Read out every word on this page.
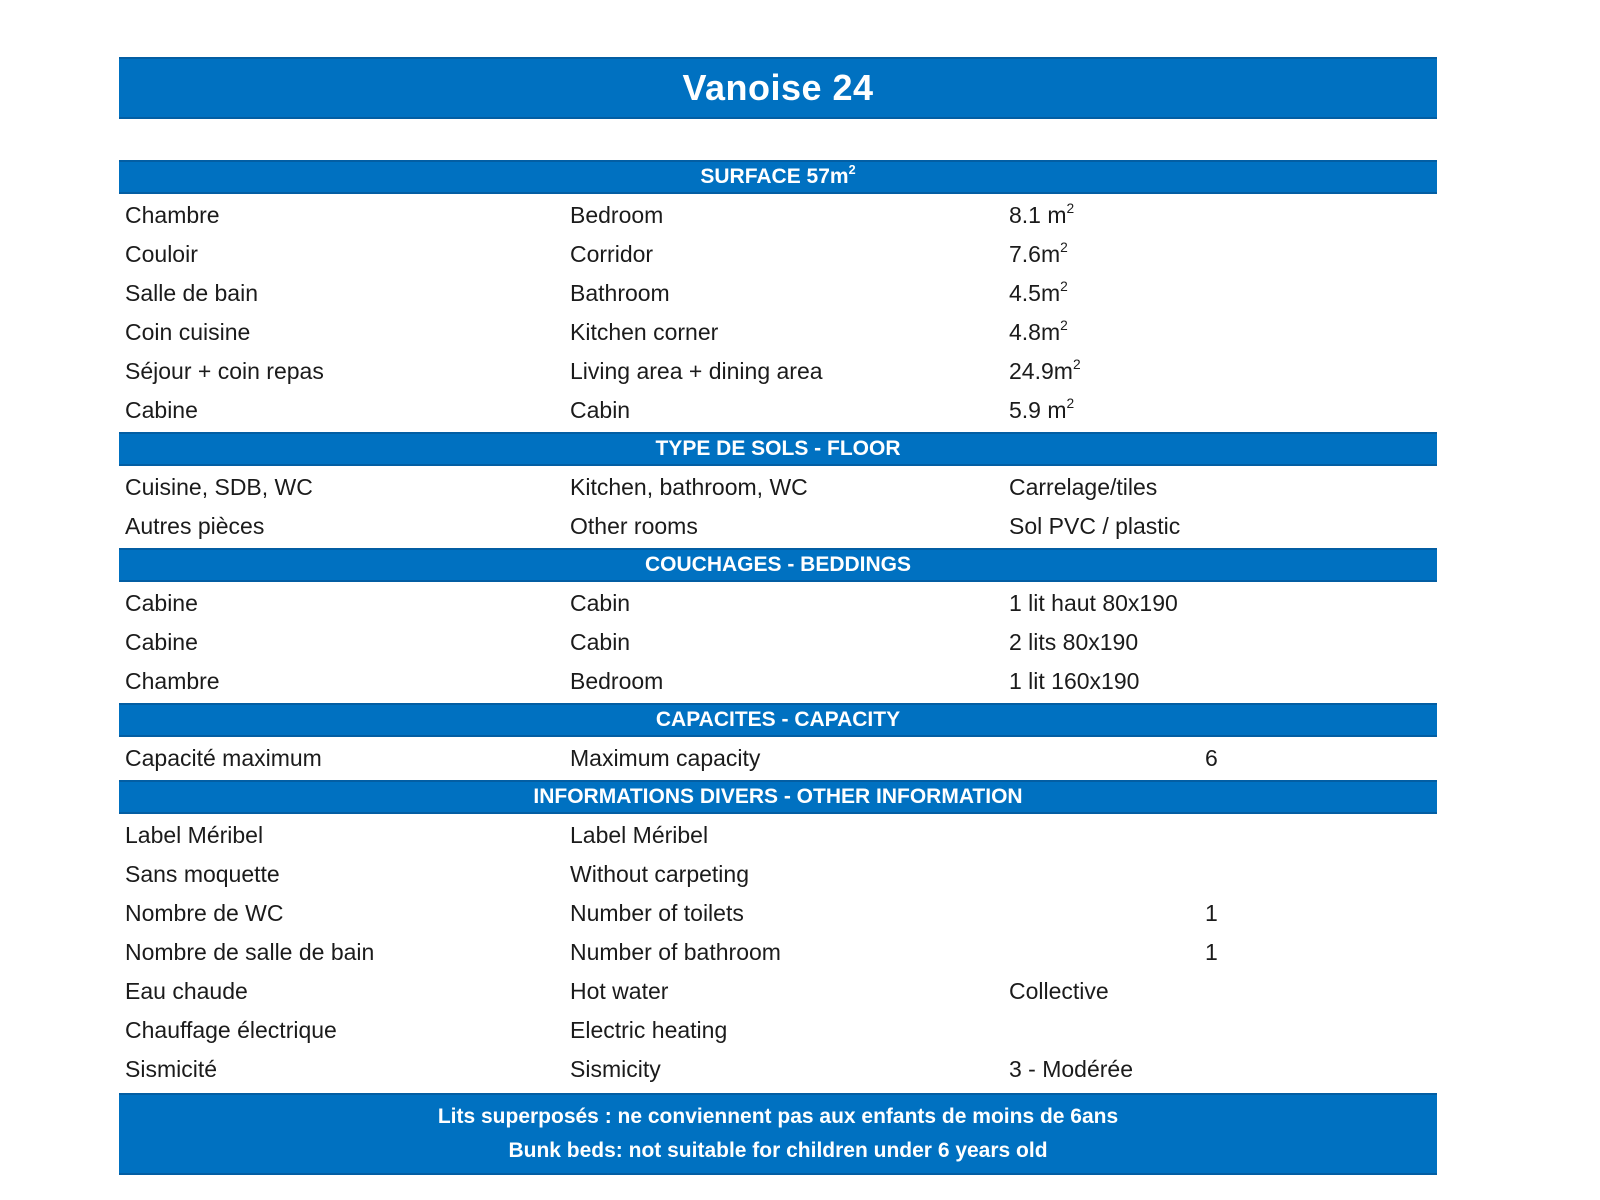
Vanoise 24
SURFACE $57m^2$
Chambre	Bedroom	8.1 $m^2$
Couloir	Corridor	$7.6m^2$
Salle de bain	Bathroom	$4.5m^2$
Coin cuisine	Kitchen corner	$4.8m^2$
Séjour + coin repas	Living area + dining area	$24.9m^2$
Cabine	Cabin	5.9 $m^2$
TYPE DE SOLS - FLOOR
Cuisine, SDB, WC	Kitchen, bathroom, WC	Carrelage/tiles
Autres pièces	Other rooms	Sol PVC / plastic
COUCHAGES - BEDDINGS
Cabine	Cabin	1 lit haut 80x190
Cabine	Cabin	2 lits 80x190
Chambre	Bedroom	1 lit 160x190
CAPACITES - CAPACITY
Capacité maximum	Maximum capacity	6
INFORMATIONS DIVERS - OTHER INFORMATION
Label Méribel	Label Méribel
Sans moquette	Without carpeting
Nombre de WC	Number of toilets	1
Nombre de salle de bain	Number of bathroom	1
Eau chaude	Hot water	Collective
Chauffage électrique	Electric heating
Sismicité	Sismicity	3 - Modérée
Lits superposés : ne conviennent pas aux enfants de moins de 6ans
Bunk beds: not suitable for children under 6 years old
